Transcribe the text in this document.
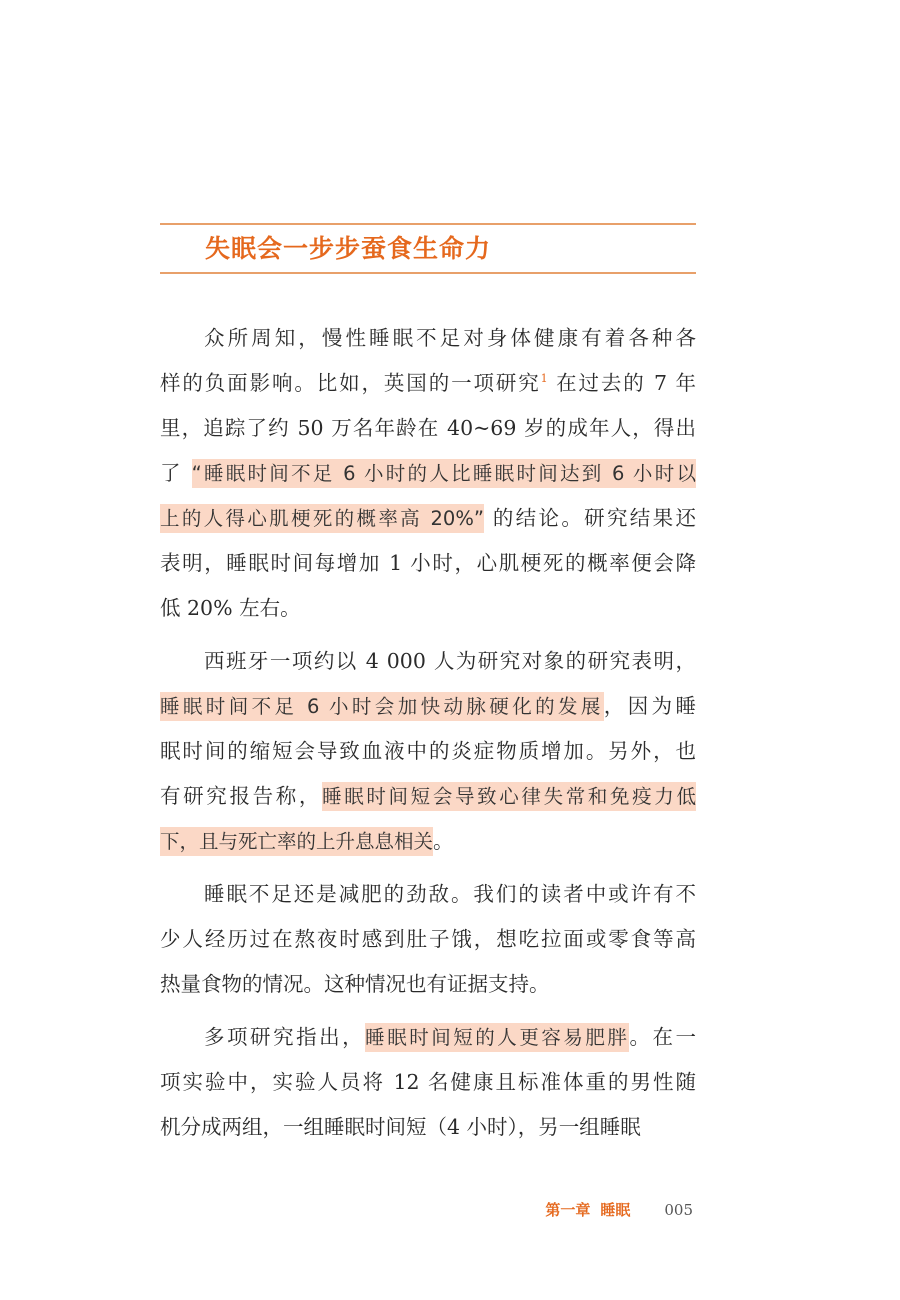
失眠会一步步蚕食生命力
众所周知，慢性睡眠不足对身体健康有着各种各
样的负面影响。比如，英国的一项研究$^1$ 在过去的 7 年
里，追踪了约 50 万名年龄在 40~69 岁的成年人，得出
了 “睡眠时间不足 6 小时的人比睡眠时间达到 6 小时以
上的人得心肌梗死的概率高 20%” 的结论。研究结果还
表明，睡眠时间每增加 1 小时，心肌梗死的概率便会降
低 20% 左右。
西班牙一项约以 4 000 人为研究对象的研究表明，
睡眠时间不足 6 小时会加快动脉硬化的发展，因为睡
眠时间的缩短会导致血液中的炎症物质增加。另外，也
有研究报告称，睡眠时间短会导致心律失常和免疫力低
下，且与死亡率的上升息息相关。
睡眠不足还是减肥的劲敌。我们的读者中或许有不
少人经历过在熬夜时感到肚子饿，想吃拉面或零食等高
热量食物的情况。这种情况也有证据支持。
多项研究指出，睡眠时间短的人更容易肥胖。在一
项实验中，实验人员将 12 名健康且标准体重的男性随
机分成两组，一组睡眠时间短（4 小时），另一组睡眠
第一章 睡眠 005
